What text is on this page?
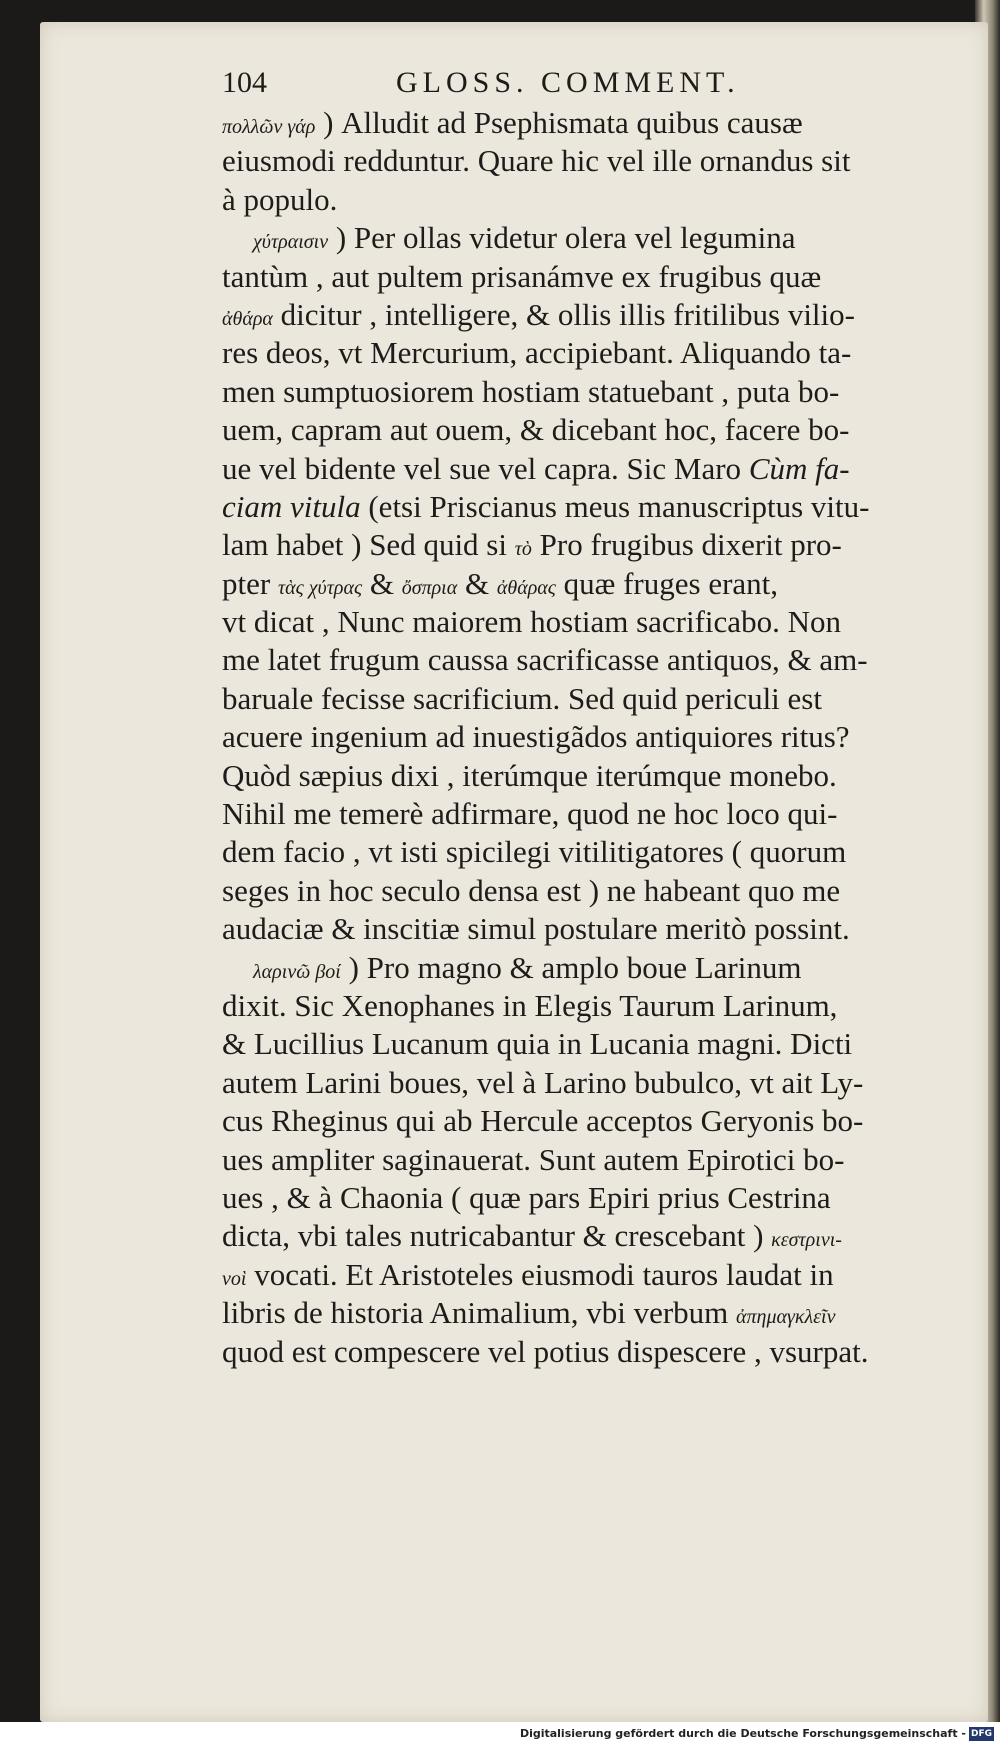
104	GLOSS. COMMENT.
πολλῶν γάρ ) Alludit ad Psephismata quibus causæ
eiusmodi redduntur. Quare hic vel ille ornandus sit
à populo.
χύτραισιν ) Per ollas videtur olera vel legumina
tantùm , aut pultem prisanámve ex frugibus quæ
ἀθάρα dicitur , intelligere, & ollis illis fritilibus vilio-
res deos, vt Mercurium, accipiebant. Aliquando ta-
men sumptuosiorem hostiam statuebant , puta bo-
uem, capram aut ouem, & dicebant hoc, facere bo-
ue vel bidente vel sue vel capra. Sic Maro Cùm fa-
ciam vitula (etsi Priscianus meus manuscriptus vitu-
lam habet ) Sed quid si τὸ Pro frugibus dixerit pro-
pter τὰς χύτρας & ὄσπρια & ἀθάρας quæ fruges erant,
vt dicat , Nunc maiorem hostiam sacrificabo. Non
me latet frugum caussa sacrificasse antiquos, & am-
baruale fecisse sacrificium. Sed quid periculi est
acuere ingenium ad inuestigãdos antiquiores ritus?
Quòd sæpius dixi , iterúmque iterúmque monebo.
Nihil me temerè adfirmare, quod ne hoc loco qui-
dem facio , vt isti spicilegi vitilitigatores ( quorum
seges in hoc seculo densa est ) ne habeant quo me
audaciæ & inscitiæ simul postulare meritò possint.
λαρινῶ βοί ) Pro magno & amplo boue Larinum
dixit. Sic Xenophanes in Elegis Taurum Larinum,
& Lucillius Lucanum quia in Lucania magni. Dicti
autem Larini boues, vel à Larino bubulco, vt ait Ly-
cus Rheginus qui ab Hercule acceptos Geryonis bo-
ues ampliter saginauerat. Sunt autem Epirotici bo-
ues , & à Chaonia ( quæ pars Epiri prius Cestrina
dicta, vbi tales nutricabantur & crescebant ) κεστρινι-
νοὶ vocati. Et Aristoteles eiusmodi tauros laudat in
libris de historia Animalium, vbi verbum ἀπημαγκλεῖν
quod est compescere vel potius dispescere , vsurpat.
Digitalisierung gefördert durch die Deutsche Forschungsgemeinschaft - DFG
